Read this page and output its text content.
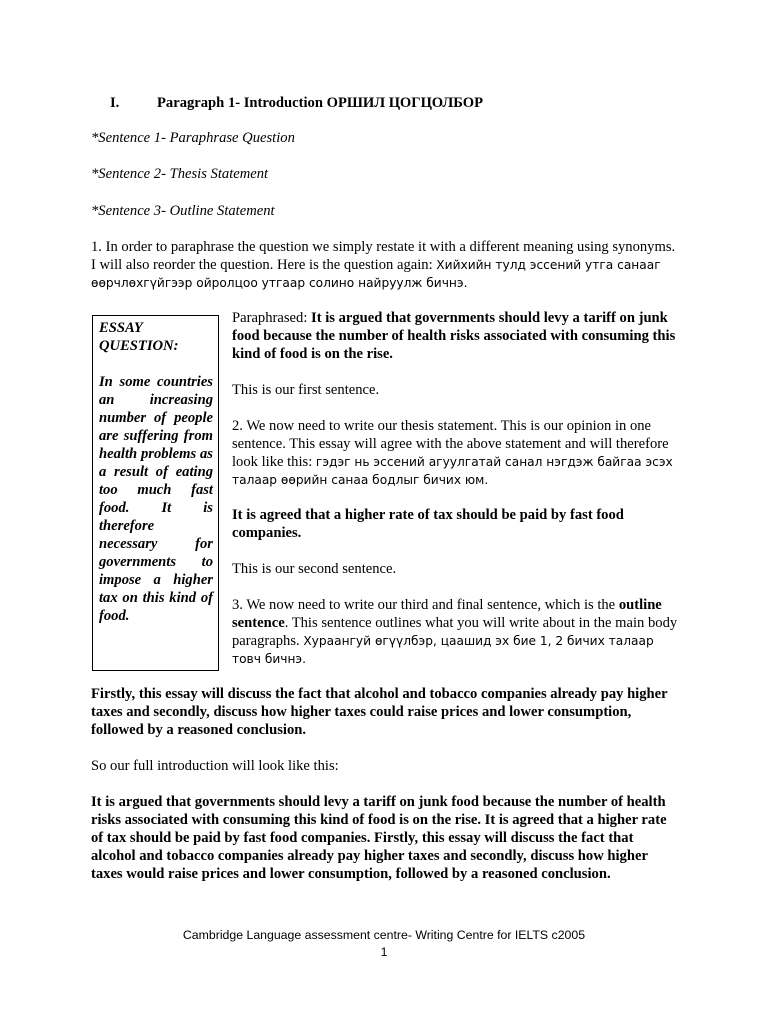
I.	Paragraph 1- Introduction ОРШИЛ ЦОГЦОЛБОР

*Sentence 1- Paraphrase Question

*Sentence 2- Thesis Statement

*Sentence 3- Outline Statement

1. In order to paraphrase the question we simply restate it with a different meaning using synonyms. I will also reorder the question. Here is the question again: Хийхийн тулд эссений утга санааг өөрчлөхгүйгээр ойролцоо утгаар солино найруулж бичнэ.

ESSAY QUESTION:

In some countries an increasing number of people are suffering from health problems as a result of eating too much fast food. It is therefore necessary for governments to impose a higher tax on this kind of food.

Paraphrased: It is argued that governments should levy a tariff on junk food because the number of health risks associated with consuming this kind of food is on the rise.

This is our first sentence.

2. We now need to write our thesis statement. This is our opinion in one sentence. This essay will agree with the above statement and will therefore look like this: гэдэг нь эссений агуулгатай санал нэгдэж байгаа эсэх талаар өөрийн санаа бодлыг бичих юм.

It is agreed that a higher rate of tax should be paid by fast food companies.

This is our second sentence.

3. We now need to write our third and final sentence, which is the outline sentence. This sentence outlines what you will write about in the main body paragraphs. Хураангуй өгүүлбэр, цаашид эх бие 1, 2 бичих талаар товч бичнэ.

Firstly, this essay will discuss the fact that alcohol and tobacco companies already pay higher taxes and secondly, discuss how higher taxes could raise prices and lower consumption, followed by a reasoned conclusion.

So our full introduction will look like this:

It is argued that governments should levy a tariff on junk food because the number of health risks associated with consuming this kind of food is on the rise. It is agreed that a higher rate of tax should be paid by fast food companies. Firstly, this essay will discuss the fact that alcohol and tobacco companies already pay higher taxes and secondly, discuss how higher taxes would raise prices and lower consumption, followed by a reasoned conclusion.

Cambridge Language assessment centre- Writing Centre for IELTS c2005
1
